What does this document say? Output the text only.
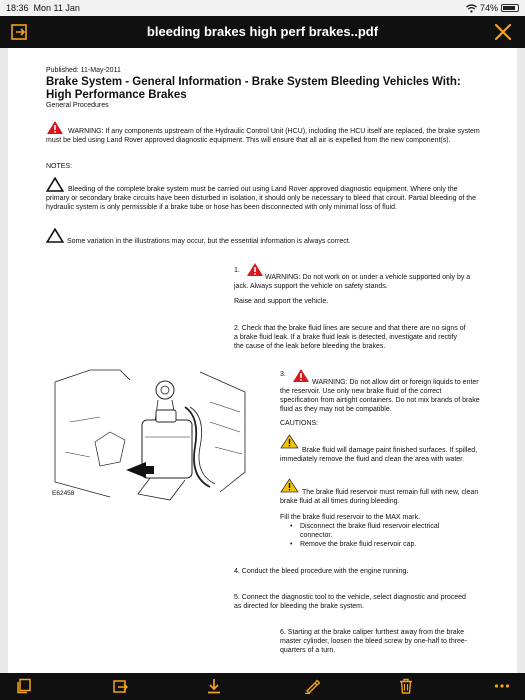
18:36 Mon 11 Jan	74%
bleeding brakes high perf brakes..pdf
Published: 11-May-2011
Brake System - General Information - Brake System Bleeding Vehicles With: High Performance Brakes
General Procedures
WARNING: If any components upstream of the Hydraulic Control Unit (HCU), including the HCU itself are replaced, the brake system must be bled using Land Rover approved diagnostic equipment. This will ensure that all air is expelled from the new component(s).
NOTES:
Bleeding of the complete brake system must be carried out using Land Rover approved diagnostic equipment. Where only the primary or secondary brake circuits have been disturbed in isolation, it should only be necessary to bleed that circuit. Partial bleeding of the hydraulic system is only permissible if a brake tube or hose has been disconnected with only minimal loss of fluid.
Some variation in the illustrations may occur, but the essential information is always correct.
1.
WARNING: Do not work on or under a vehicle supported only by a jack. Always support the vehicle on safety stands.
Raise and support the vehicle.
2. Check that the brake fluid lines are secure and that there are no signs of a brake fluid leak. If a brake fluid leak is detected, investigate and rectify the cause of the leak before bleeding the brakes.
E62458
3.
WARNING: Do not allow dirt or foreign liquids to enter the reservoir. Use only new brake fluid of the correct specification from airtight containers. Do not mix brands of brake fluid as they may not be compatible.
CAUTIONS:
Brake fluid will damage paint finished surfaces. If spilled, immediately remove the fluid and clean the area with water.
The brake fluid reservoir must remain full with new, clean brake fluid at all times during bleeding.
Fill the brake fluid reservoir to the MAX mark.
• Disconnect the brake fluid reservoir electrical connector.
• Remove the brake fluid reservoir cap.
4. Conduct the bleed procedure with the engine running.
5. Connect the diagnostic tool to the vehicle, select diagnostic and proceed as directed for bleeding the brake system.
6. Starting at the brake caliper furthest away from the brake master cylinder, loosen the bleed screw by one-half to three-quarters of a turn.
